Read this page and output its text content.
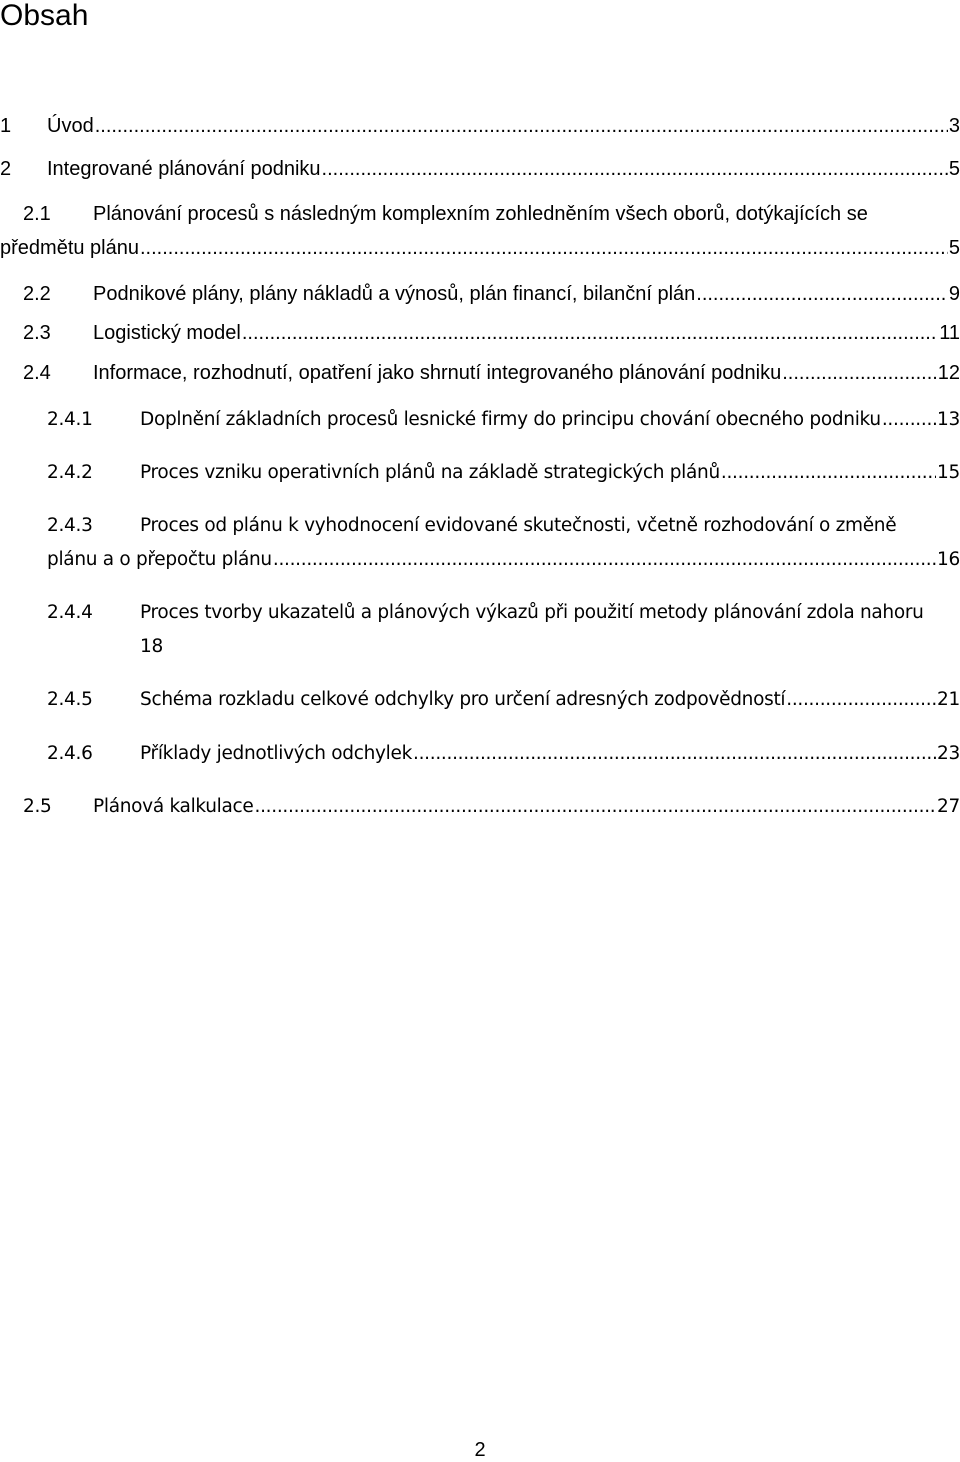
Obsah
1 Úvod .....	3
2 Integrované plánování podniku .....	5
2.1 Plánování procesů s následným komplexním zohledněním všech oborů, dotýkajících se
předmětu plánu .....	5
2.2 Podnikové plány, plány nákladů a výnosů, plán financí, bilanční plán .....	9
2.3 Logistický model .....	11
2.4 Informace, rozhodnutí, opatření jako shrnutí integrovaného plánování podniku .....	12
2.4.1	Doplnění základních procesů lesnické firmy do principu chování obecného podniku .....	13
2.4.2	Proces vzniku operativních plánů na základě strategických plánů .....	15
2.4.3	Proces od plánu k vyhodnocení evidované skutečnosti, včetně rozhodování o změně
plánu a o přepočtu plánu .....	16
2.4.4	Proces tvorby ukazatelů a plánových výkazů při použití metody plánování zdola nahoru
18
2.4.5	Schéma rozkladu celkové odchylky pro určení adresných zodpovědností .....	21
2.4.6	Příklady jednotlivých odchylek .....	23
2.5 Plánová kalkulace .....	27
2
